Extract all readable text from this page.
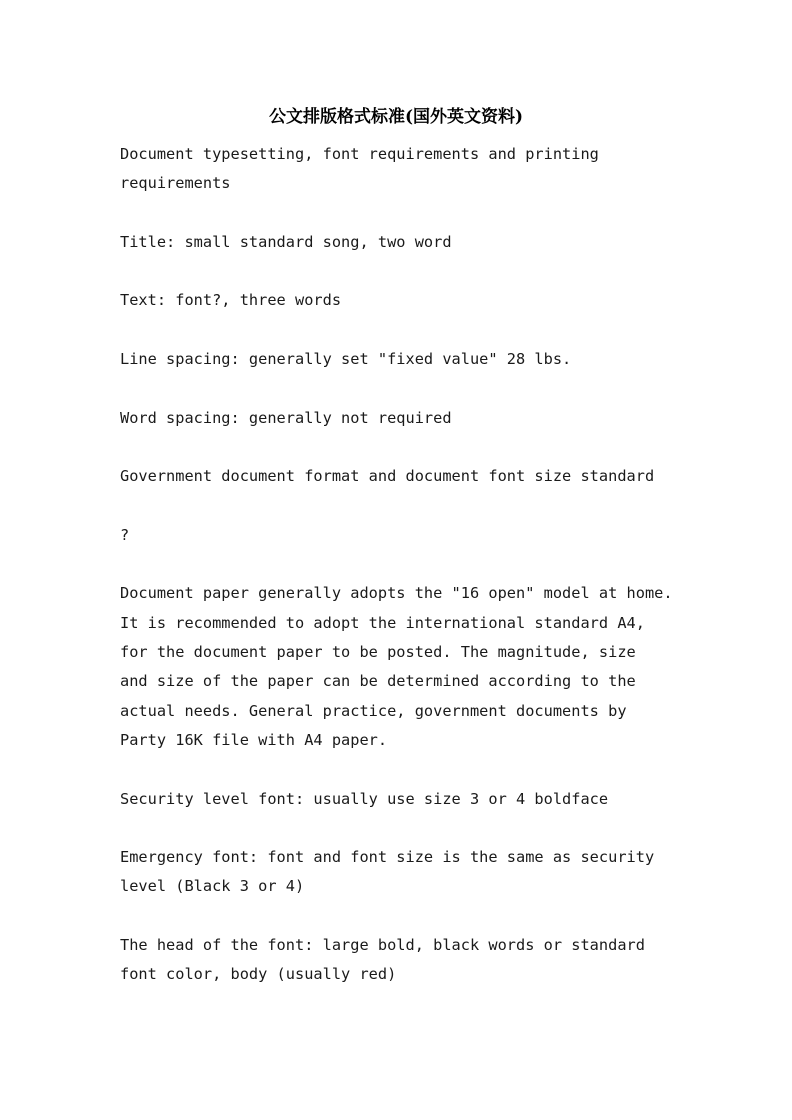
公文排版格式标准(国外英文资料)

Document typesetting, font requirements and printing
requirements

Title: small standard song, two word

Text: font?, three words

Line spacing: generally set "fixed value" 28 lbs.

Word spacing: generally not required

Government document format and document font size standard

?

Document paper generally adopts the "16 open" model at home.
It is recommended to adopt the international standard A4,
for the document paper to be posted. The magnitude, size
and size of the paper can be determined according to the
actual needs. General practice, government documents by
Party 16K file with A4 paper.

Security level font: usually use size 3 or 4 boldface

Emergency font: font and font size is the same as security
level (Black 3 or 4)

The head of the font: large bold, black words or standard
font color, body (usually red)
